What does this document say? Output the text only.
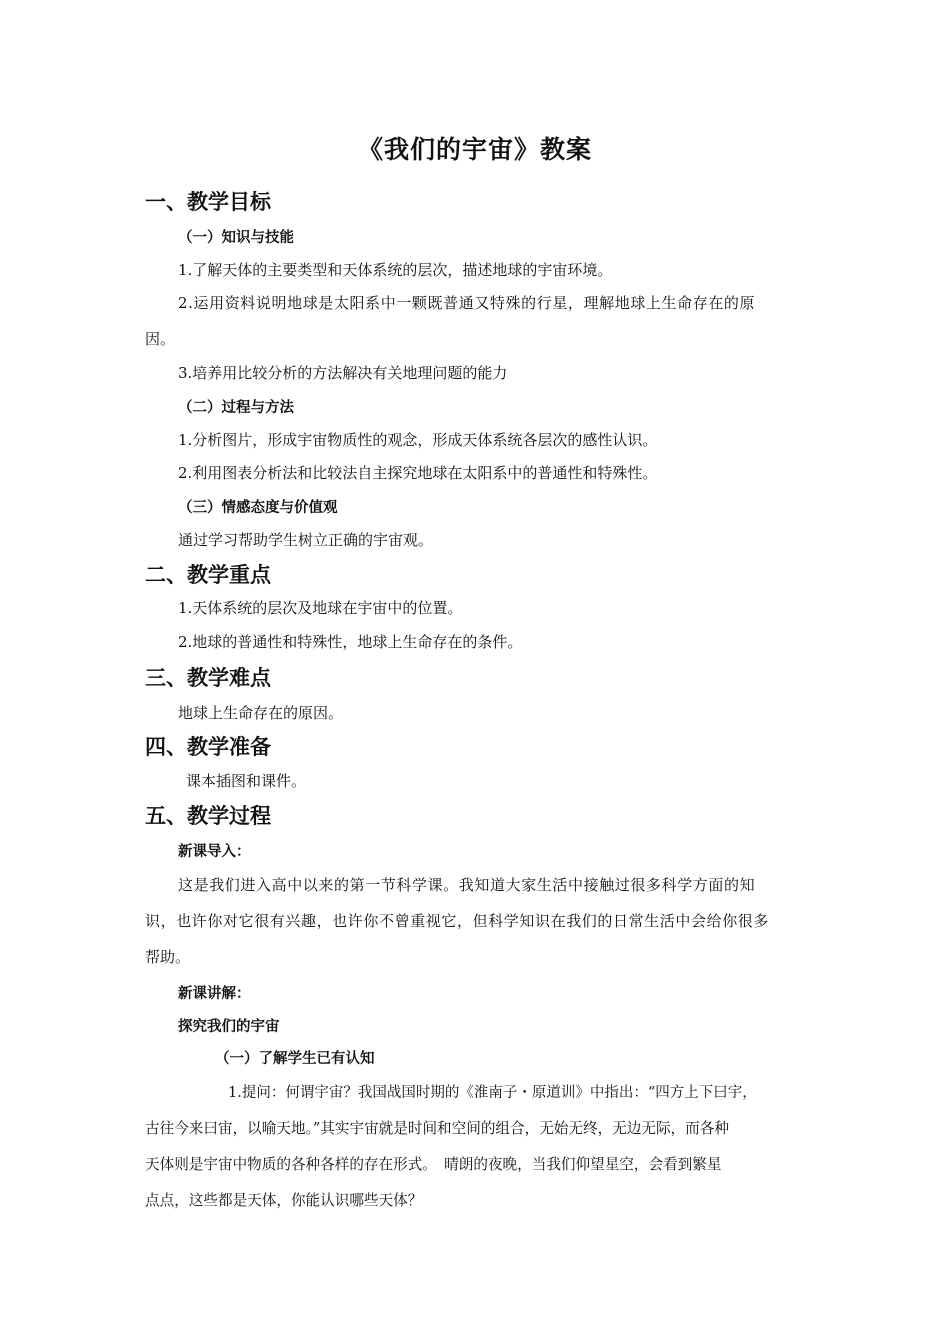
《我们的宇宙》教案
一、教学目标
（一）知识与技能
1.了解天体的主要类型和天体系统的层次，描述地球的宇宙环境。
2.运用资料说明地球是太阳系中一颗既普通又特殊的行星，理解地球上生命存在的原
因。
3.培养用比较分析的方法解决有关地理问题的能力
（二）过程与方法
1.分析图片，形成宇宙物质性的观念，形成天体系统各层次的感性认识。
2.利用图表分析法和比较法自主探究地球在太阳系中的普通性和特殊性。
（三）情感态度与价值观
通过学习帮助学生树立正确的宇宙观。
二、教学重点
1.天体系统的层次及地球在宇宙中的位置。
2.地球的普通性和特殊性，地球上生命存在的条件。
三、教学难点
地球上生命存在的原因。
四、教学准备
课本插图和课件。
五、教学过程
新课导入：
这是我们进入高中以来的第一节科学课。我知道大家生活中接触过很多科学方面的知
识，也许你对它很有兴趣，也许你不曾重视它，但科学知识在我们的日常生活中会给你很多
帮助。
新课讲解：
探究我们的宇宙
（一）了解学生已有认知
1.提问：何谓宇宙？我国战国时期的《淮南子・原道训》中指出：“四方上下曰宇，
古往今来曰宙，以喻天地。”其实宇宙就是时间和空间的组合，无始无终，无边无际，而各种
天体则是宇宙中物质的各种各样的存在形式。　晴朗的夜晚，当我们仰望星空，会看到繁星
点点，这些都是天体，你能认识哪些天体？
